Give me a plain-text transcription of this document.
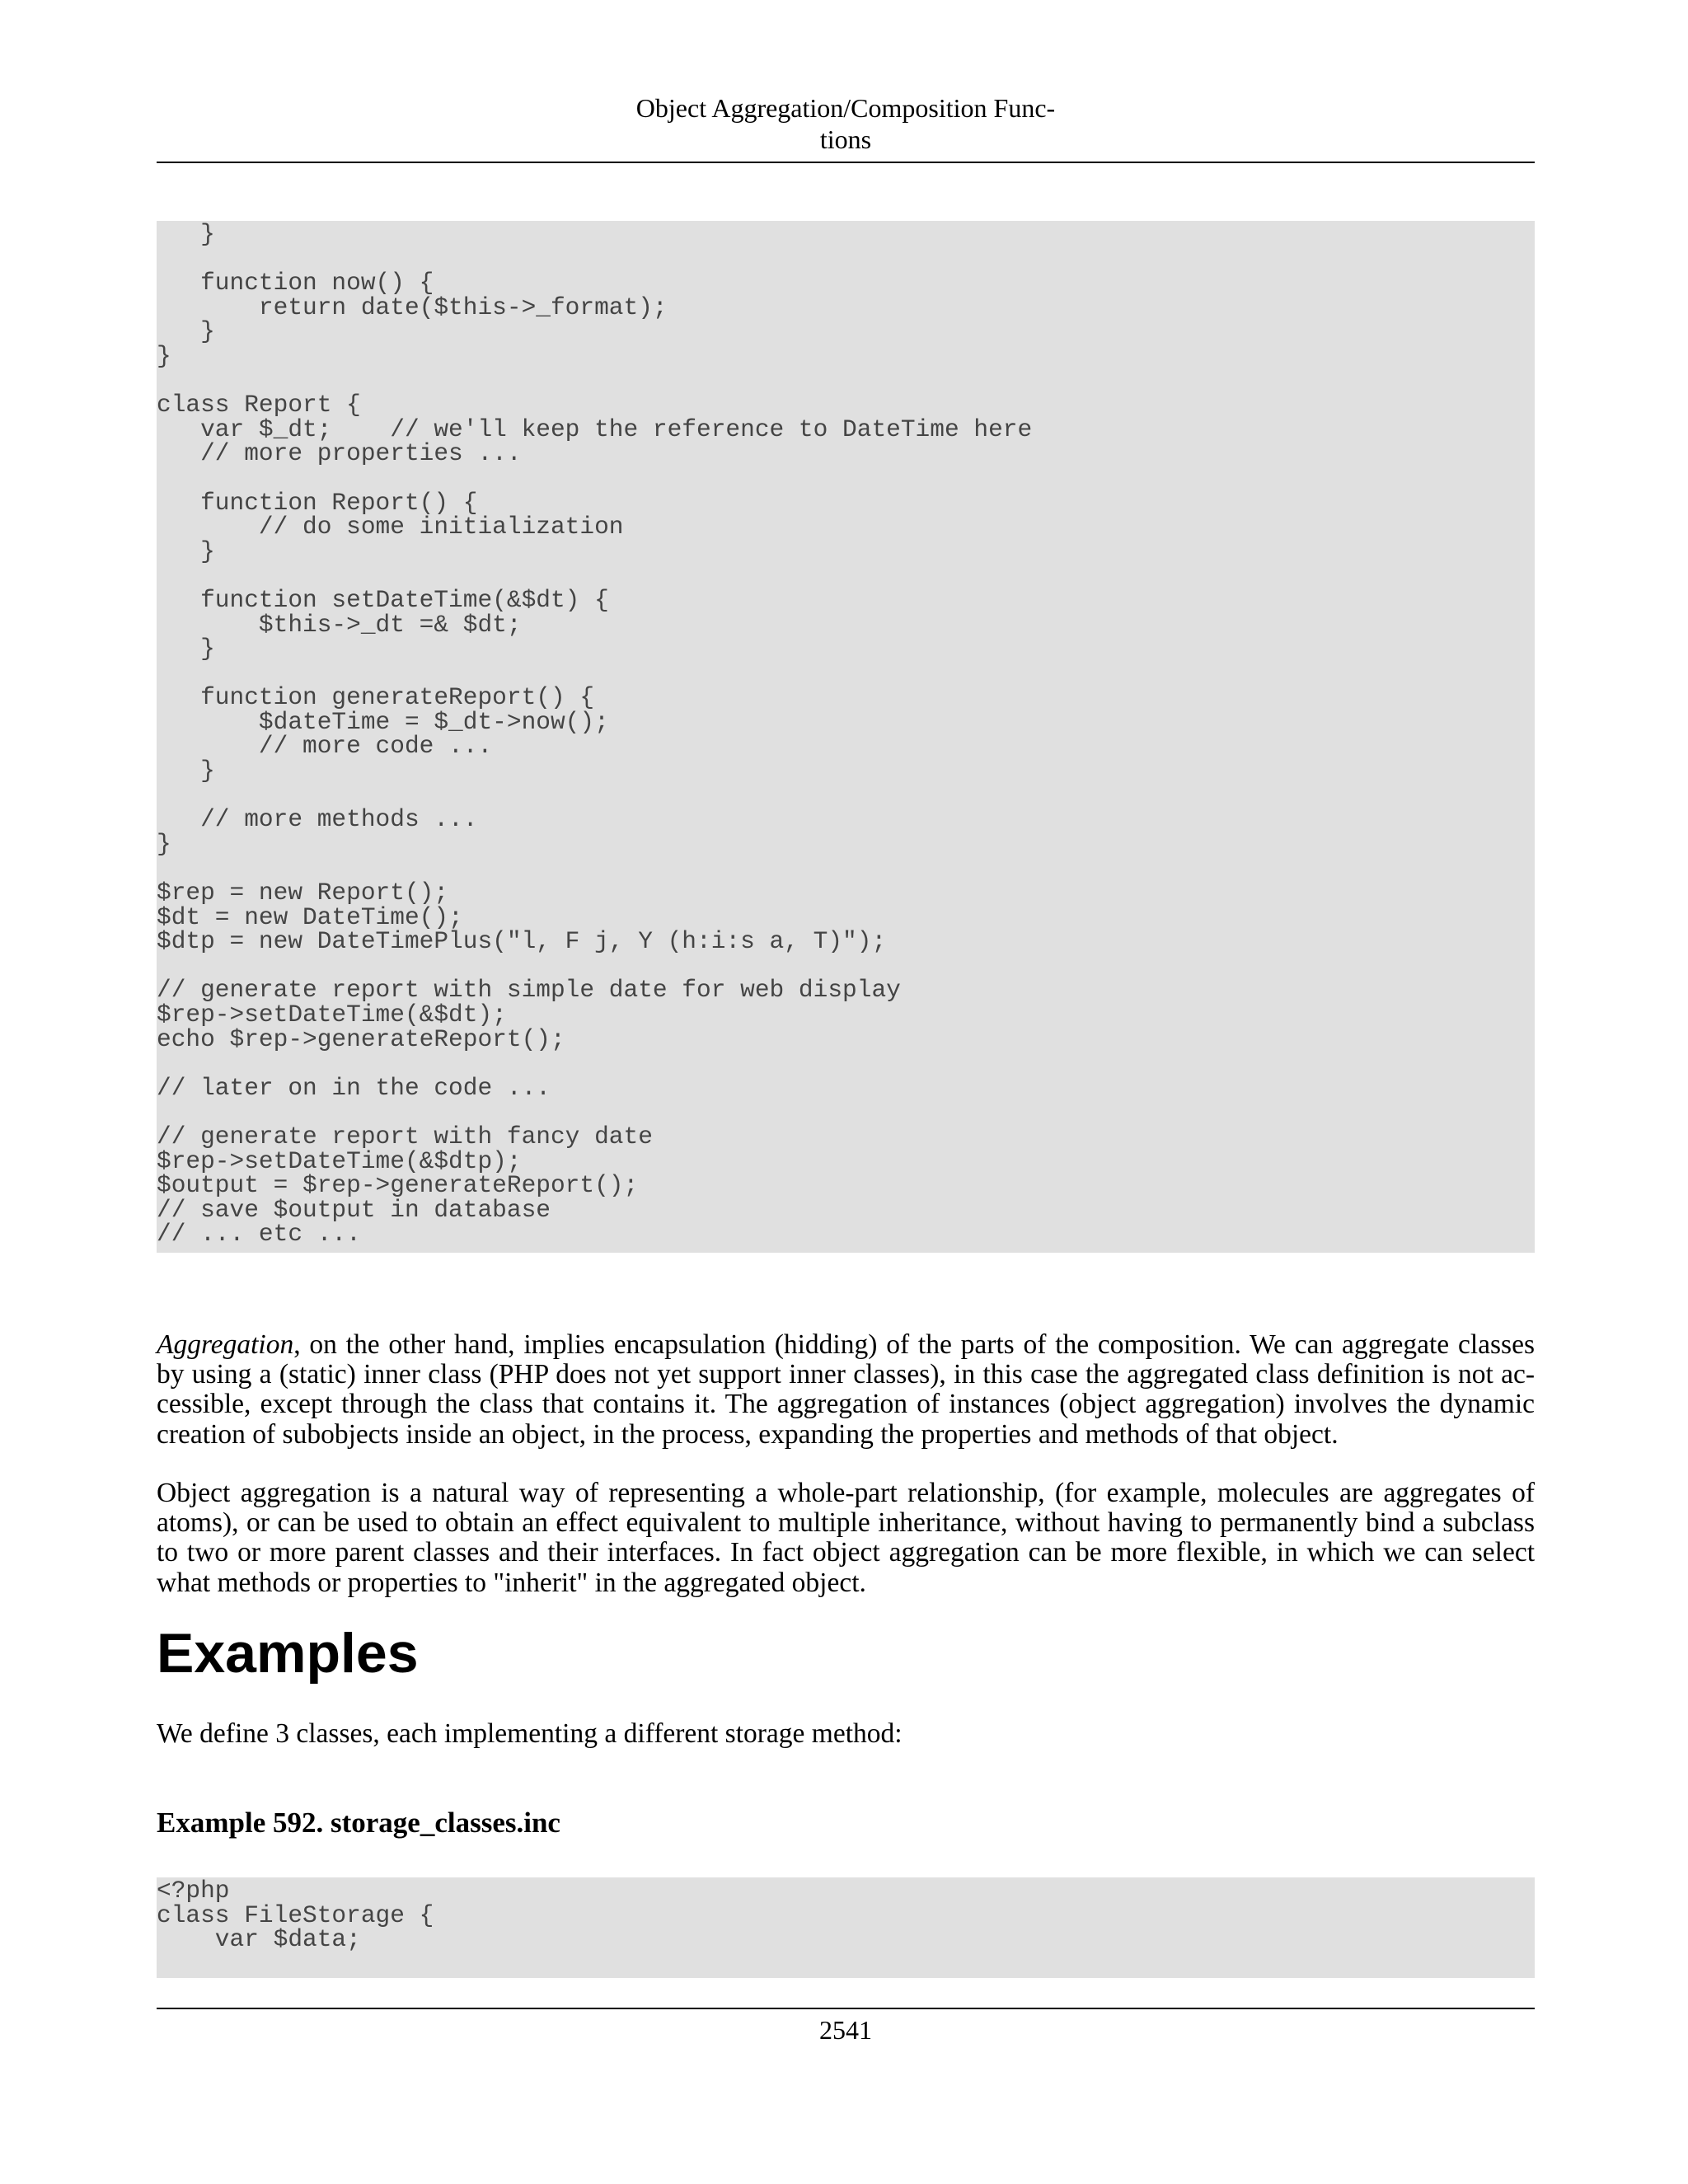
Object Aggregation/Composition Func-
tions
}
function now() {
return date($this->_format);
}
}
class Report {
var $_dt;    // we'll keep the reference to DateTime here
// more properties ...
function Report() {
// do some initialization
}
function setDateTime(&$dt) {
$this->_dt =& $dt;
}
function generateReport() {
$dateTime = $_dt->now();
// more code ...
}
// more methods ...
}
$rep = new Report();
$dt = new DateTime();
$dtp = new DateTimePlus("l, F j, Y (h:i:s a, T)");
// generate report with simple date for web display
$rep->setDateTime(&$dt);
echo $rep->generateReport();
// later on in the code ...
// generate report with fancy date
$rep->setDateTime(&$dtp);
$output = $rep->generateReport();
// save $output in database
// ... etc ...

Aggregation, on the other hand, implies encapsulation (hidding) of the parts of the composition. We can aggregate classes by using a (static) inner class (PHP does not yet support inner classes), in this case the aggregated class definition is not ac-cessible, except through the class that contains it. The aggregation of instances (object aggregation) involves the dynamic creation of subobjects inside an object, in the process, expanding the properties and methods of that object.

Object aggregation is a natural way of representing a whole-part relationship, (for example, molecules are aggregates of atoms), or can be used to obtain an effect equivalent to multiple inheritance, without having to permanently bind a subclass to two or more parent classes and their interfaces. In fact object aggregation can be more flexible, in which we can select what methods or properties to "inherit" in the aggregated object.

Examples

We define 3 classes, each implementing a different storage method:

Example 592. storage_classes.inc

<?php
class FileStorage {
var $data;
2541
